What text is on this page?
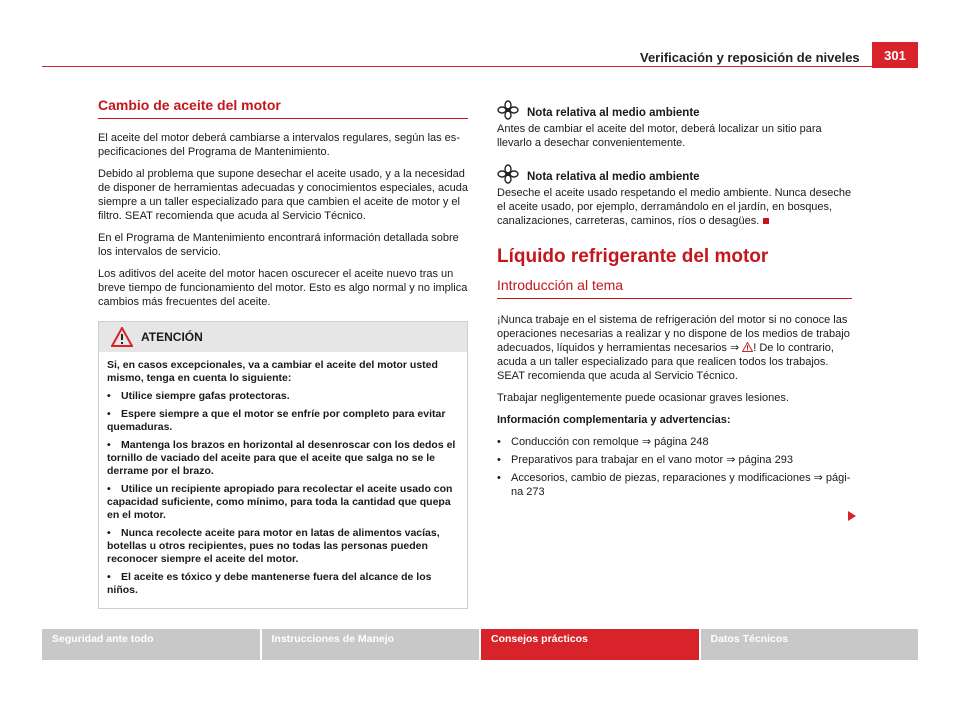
Verificación y reposición de niveles	301
Cambio de aceite del motor

El aceite del motor deberá cambiarse a intervalos regulares, según las especificaciones del Programa de Mantenimiento.

Debido al problema que supone desechar el aceite usado, y a la necesidad de disponer de herramientas adecuadas y conocimientos especiales, acuda siempre a un taller especializado para que cambien el aceite de motor y el filtro. SEAT recomienda que acuda al Servicio Técnico.

En el Programa de Mantenimiento encontrará información detallada sobre los intervalos de servicio.

Los aditivos del aceite del motor hacen oscurecer el aceite nuevo tras un breve tiempo de funcionamiento del motor. Esto es algo normal y no implica cambios más frecuentes del aceite.

ATENCIÓN

Si, en casos excepcionales, va a cambiar el aceite del motor usted mismo, tenga en cuenta lo siguiente:

• Utilice siempre gafas protectoras.

• Espere siempre a que el motor se enfríe por completo para evitar quemaduras.

• Mantenga los brazos en horizontal al desenroscar con los dedos el tornillo de vaciado del aceite para que el aceite que salga no se le derrame por el brazo.

• Utilice un recipiente apropiado para recolectar el aceite usado con capacidad suficiente, como mínimo, para toda la cantidad que quepa en el motor.

• Nunca recolecte aceite para motor en latas de alimentos vacías, botellas u otros recipientes, pues no todas las personas pueden reconocer siempre el aceite del motor.

• El aceite es tóxico y debe mantenerse fuera del alcance de los niños.

Nota relativa al medio ambiente
Antes de cambiar el aceite del motor, deberá localizar un sitio para llevarlo a desechar convenientemente.
Nota relativa al medio ambiente
Deseche el aceite usado respetando el medio ambiente. Nunca deseche el aceite usado, por ejemplo, derramándolo en el jardín, en bosques, canalizaciones, carreteras, caminos, ríos o desagües.
Líquido refrigerante del motor
Introducción al tema

¡Nunca trabaje en el sistema de refrigeración del motor si no conoce las operaciones necesarias a realizar y no dispone de los medios de trabajo adecuados, líquidos y herramientas necesarios ⇒ ! De lo contrario, acuda a un taller especializado para que realicen todos los trabajos. SEAT recomienda que acuda al Servicio Técnico.

Trabajar negligentemente puede ocasionar graves lesiones.

Información complementaria y advertencias:

• Conducción con remolque ⇒ página 248
• Preparativos para trabajar en el vano motor ⇒ página 293
• Accesorios, cambio de piezas, reparaciones y modificaciones ⇒ página 273
Seguridad ante todo	Instrucciones de Manejo	Consejos prácticos	Datos Técnicos
